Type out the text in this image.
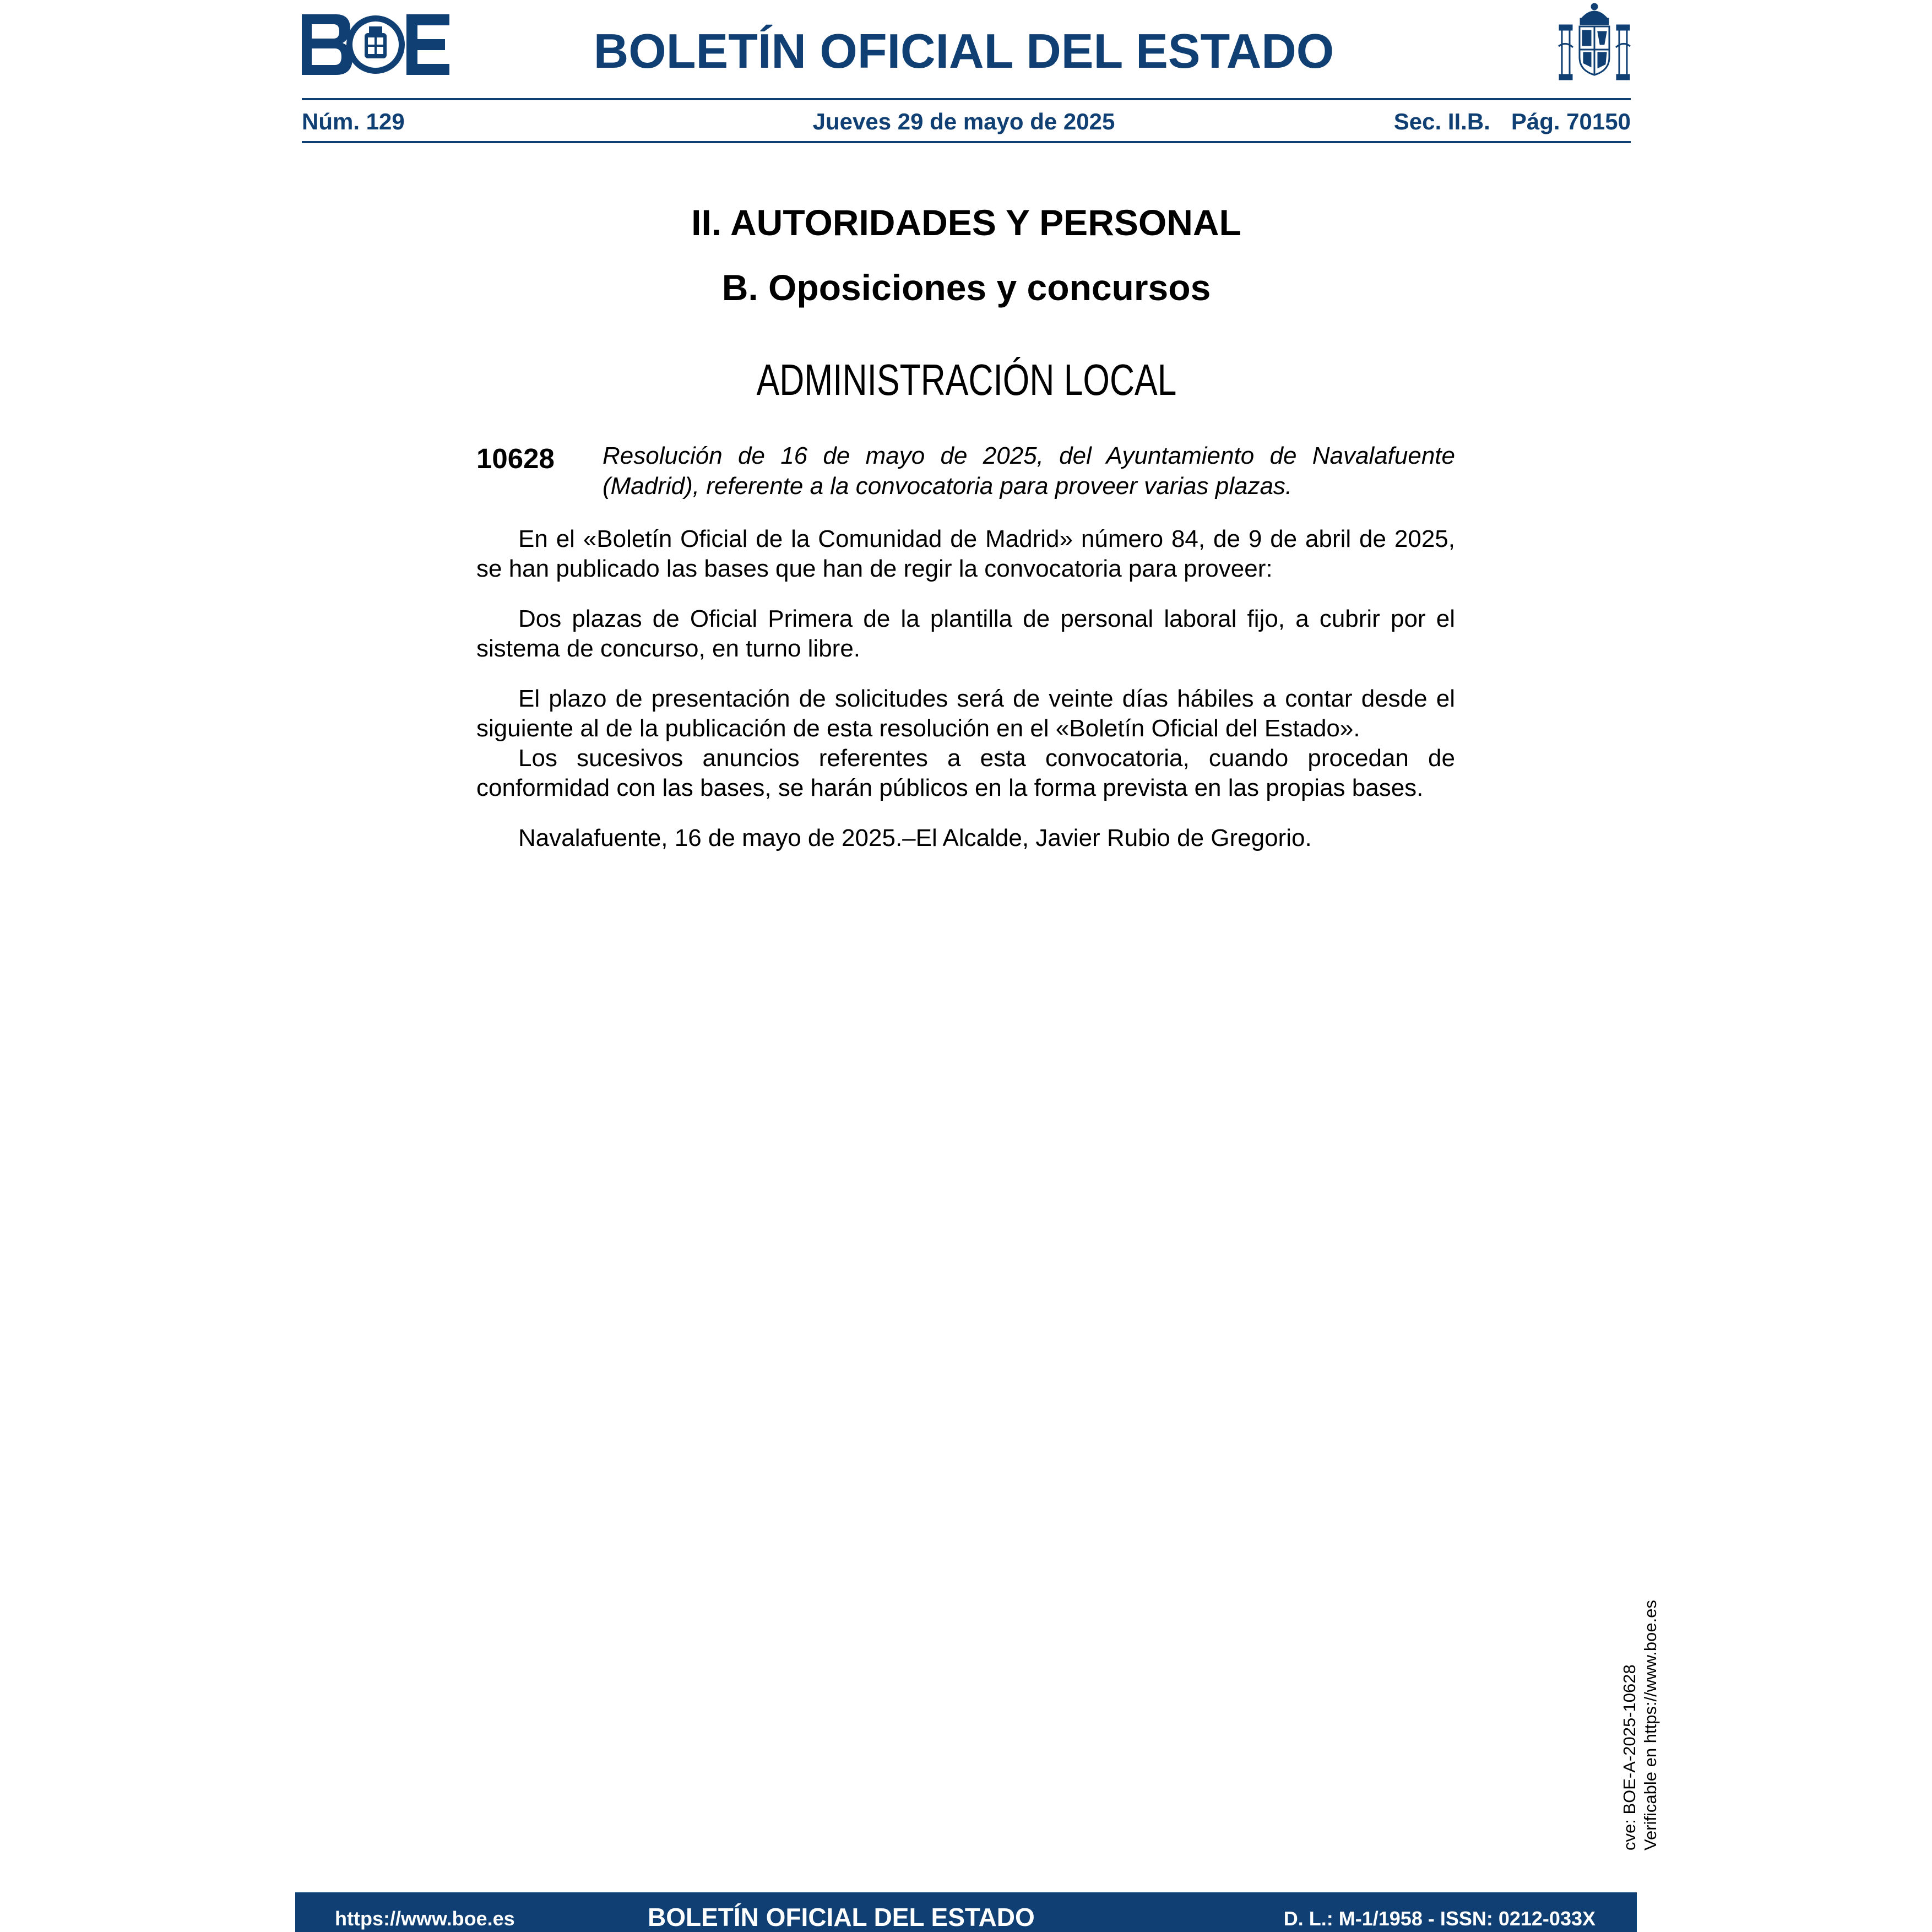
BOLETÍN OFICIAL DEL ESTADO
Núm. 129	Jueves 29 de mayo de 2025	Sec. II.B. Pág. 70150
II. AUTORIDADES Y PERSONAL
B. Oposiciones y concursos
ADMINISTRACIÓN LOCAL
10628 Resolución de 16 de mayo de 2025, del Ayuntamiento de Navalafuente (Madrid), referente a la convocatoria para proveer varias plazas.

En el «Boletín Oficial de la Comunidad de Madrid» número 84, de 9 de abril de 2025, se han publicado las bases que han de regir la convocatoria para proveer:

Dos plazas de Oficial Primera de la plantilla de personal laboral fijo, a cubrir por el sistema de concurso, en turno libre.

El plazo de presentación de solicitudes será de veinte días hábiles a contar desde el siguiente al de la publicación de esta resolución en el «Boletín Oficial del Estado».

Los sucesivos anuncios referentes a esta convocatoria, cuando procedan de conformidad con las bases, se harán públicos en la forma prevista en las propias bases.

Navalafuente, 16 de mayo de 2025.–El Alcalde, Javier Rubio de Gregorio.

cve: BOE-A-2025-10628 Verificable en https://www.boe.es
https://www.boe.es	BOLETÍN OFICIAL DEL ESTADO	D. L.: M-1/1958 - ISSN: 0212-033X
